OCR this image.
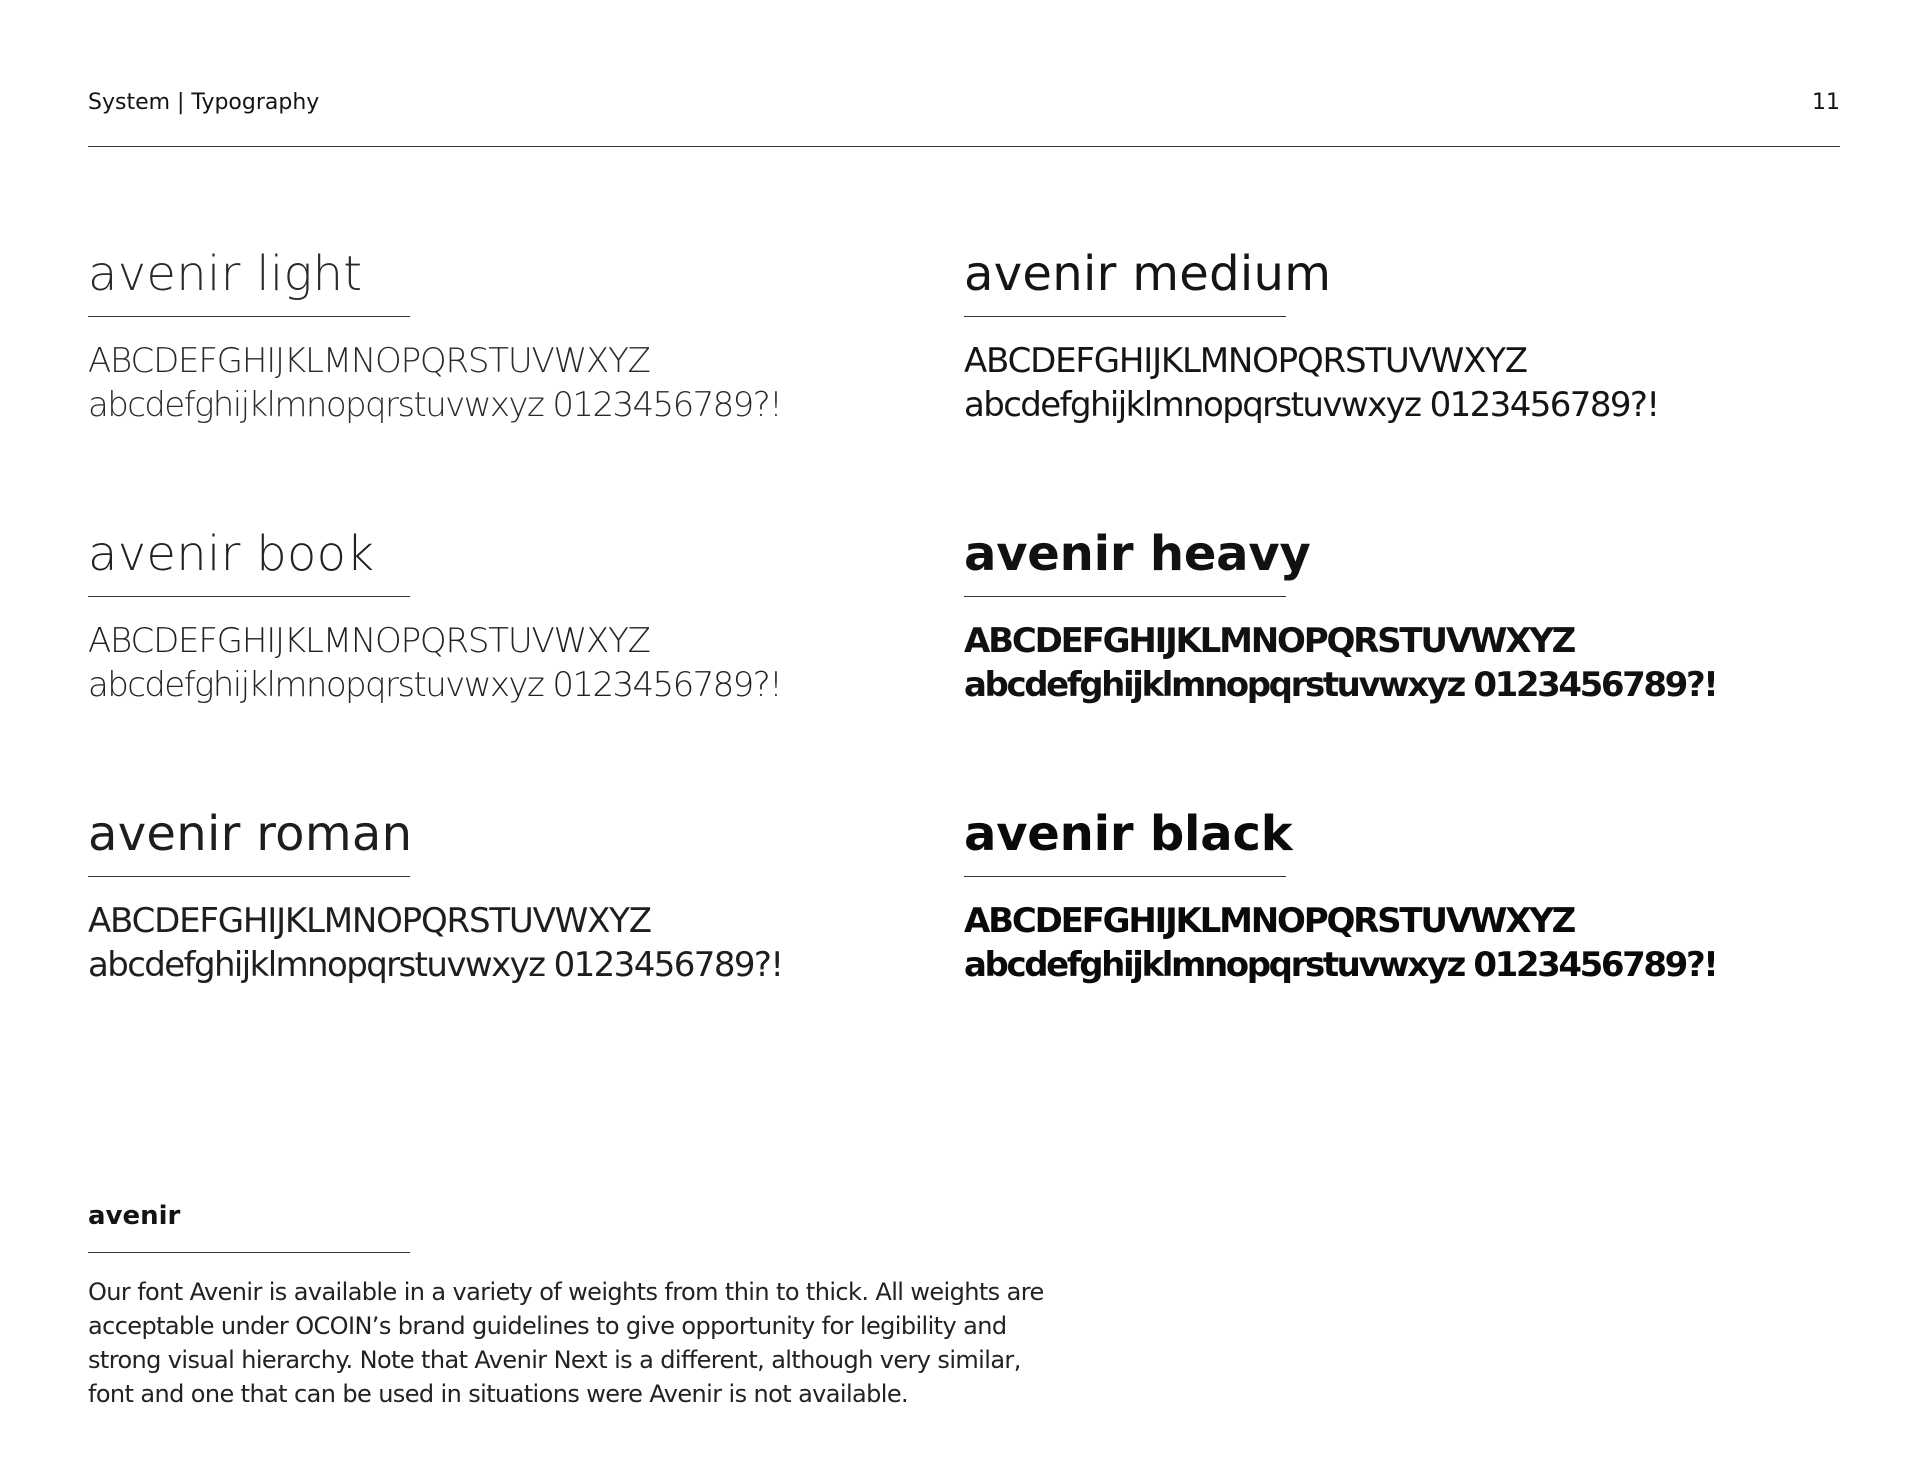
System | Typography	11
avenir light
ABCDEFGHIJKLMNOPQRSTUVWXYZ
abcdefghijklmnopqrstuvwxyz 0123456789?!
avenir book
ABCDEFGHIJKLMNOPQRSTUVWXYZ
abcdefghijklmnopqrstuvwxyz 0123456789?!
avenir roman
ABCDEFGHIJKLMNOPQRSTUVWXYZ
abcdefghijklmnopqrstuvwxyz 0123456789?!
avenir medium
ABCDEFGHIJKLMNOPQRSTUVWXYZ
abcdefghijklmnopqrstuvwxyz 0123456789?!
avenir heavy
ABCDEFGHIJKLMNOPQRSTUVWXYZ
abcdefghijklmnopqrstuvwxyz 0123456789?!
avenir black
ABCDEFGHIJKLMNOPQRSTUVWXYZ
abcdefghijklmnopqrstuvwxyz 0123456789?!
avenir
Our font Avenir is available in a variety of weights from thin to thick. All weights are
acceptable under OCOIN’s brand guidelines to give opportunity for legibility and
strong visual hierarchy. Note that Avenir Next is a different, although very similar,
font and one that can be used in situations were Avenir is not available.
